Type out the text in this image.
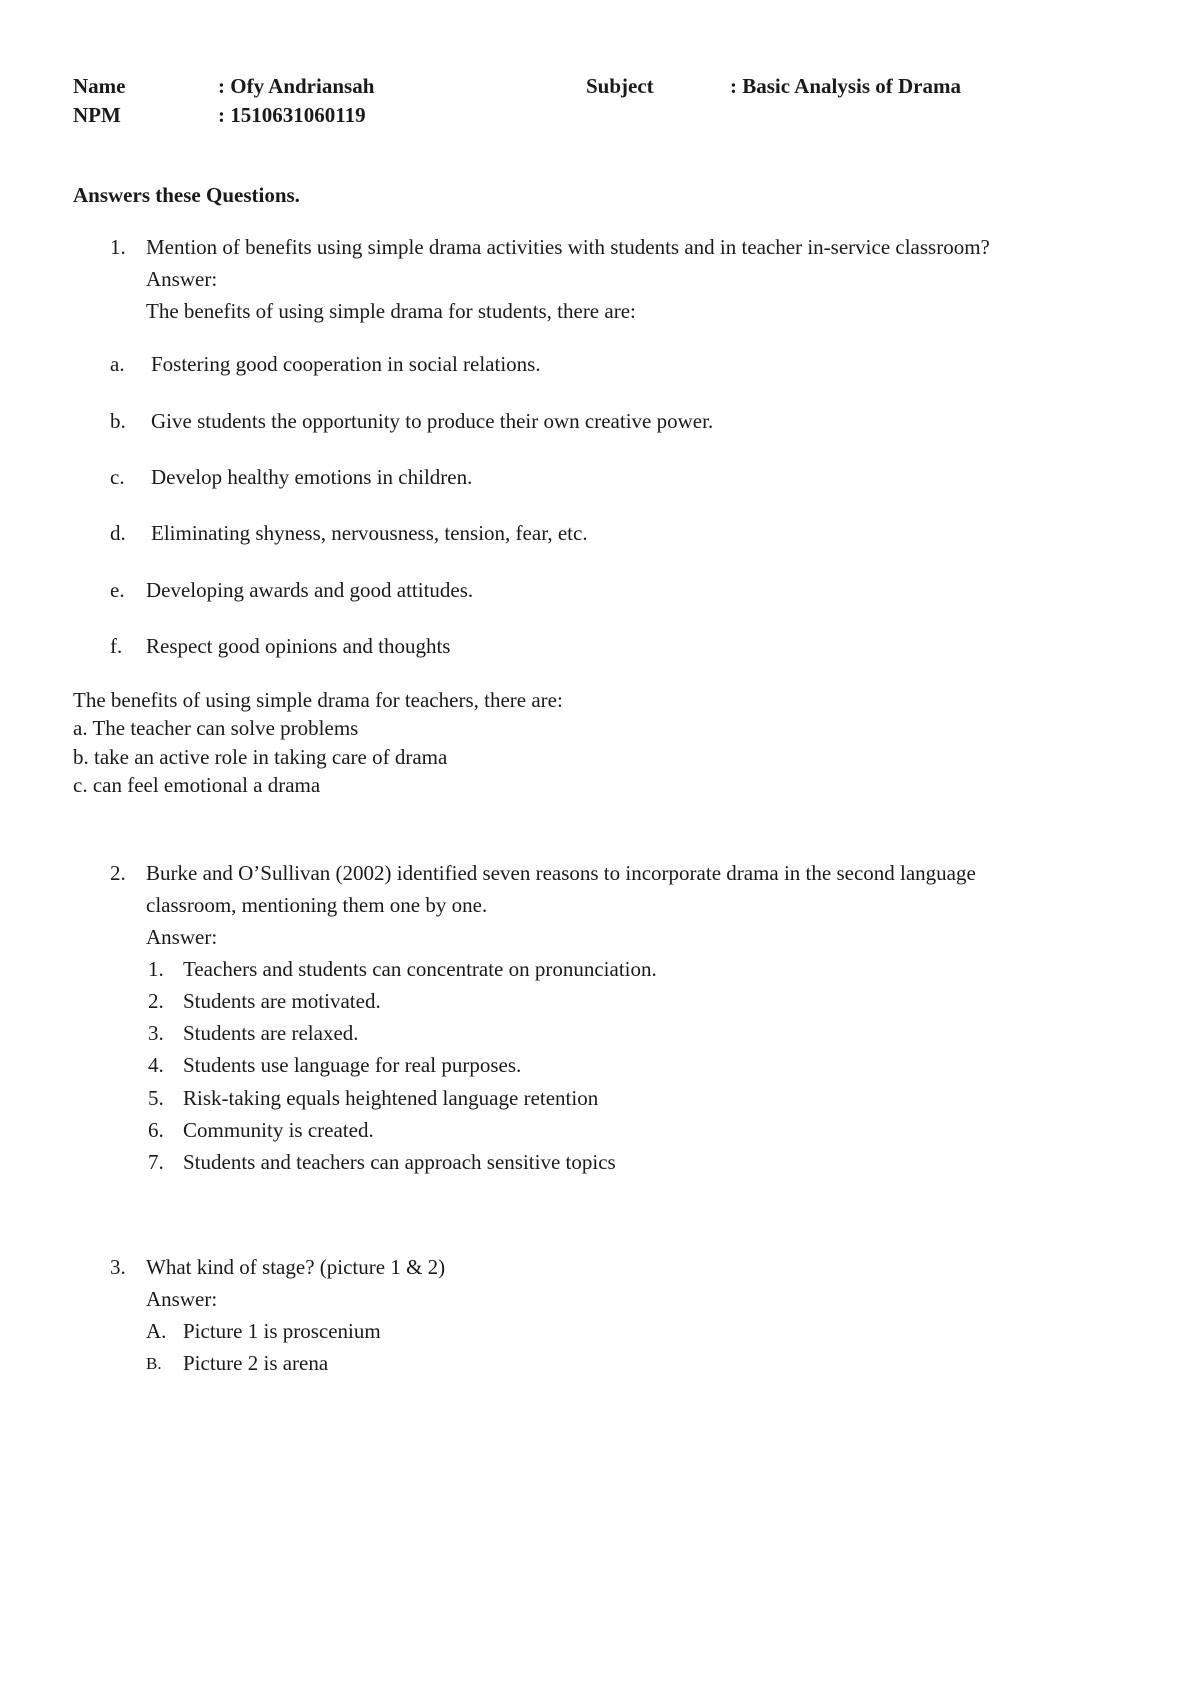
Name	: Ofy Andriansah	Subject	: Basic Analysis of Drama
NPM	: 1510631060119
Answers these Questions.
1. Mention of benefits using simple drama activities with students and in teacher in-service classroom?
Answer:
The benefits of using simple drama for students, there are:
a. Fostering good cooperation in social relations.
b. Give students the opportunity to produce their own creative power.
c. Develop healthy emotions in children.
d. Eliminating shyness, nervousness, tension, fear, etc.
e. Developing awards and good attitudes.
f. Respect good opinions and thoughts
The benefits of using simple drama for teachers, there are:
a. The teacher can solve problems
b. take an active role in taking care of drama
c. can feel emotional a drama
2. Burke and O’Sullivan (2002) identified seven reasons to incorporate drama in the second language
classroom, mentioning them one by one.
Answer:
1. Teachers and students can concentrate on pronunciation.
2. Students are motivated.
3. Students are relaxed.
4. Students use language for real purposes.
5. Risk-taking equals heightened language retention
6. Community is created.
7. Students and teachers can approach sensitive topics
3. What kind of stage? (picture 1 & 2)
Answer:
A. Picture 1 is proscenium
B. Picture 2 is arena
